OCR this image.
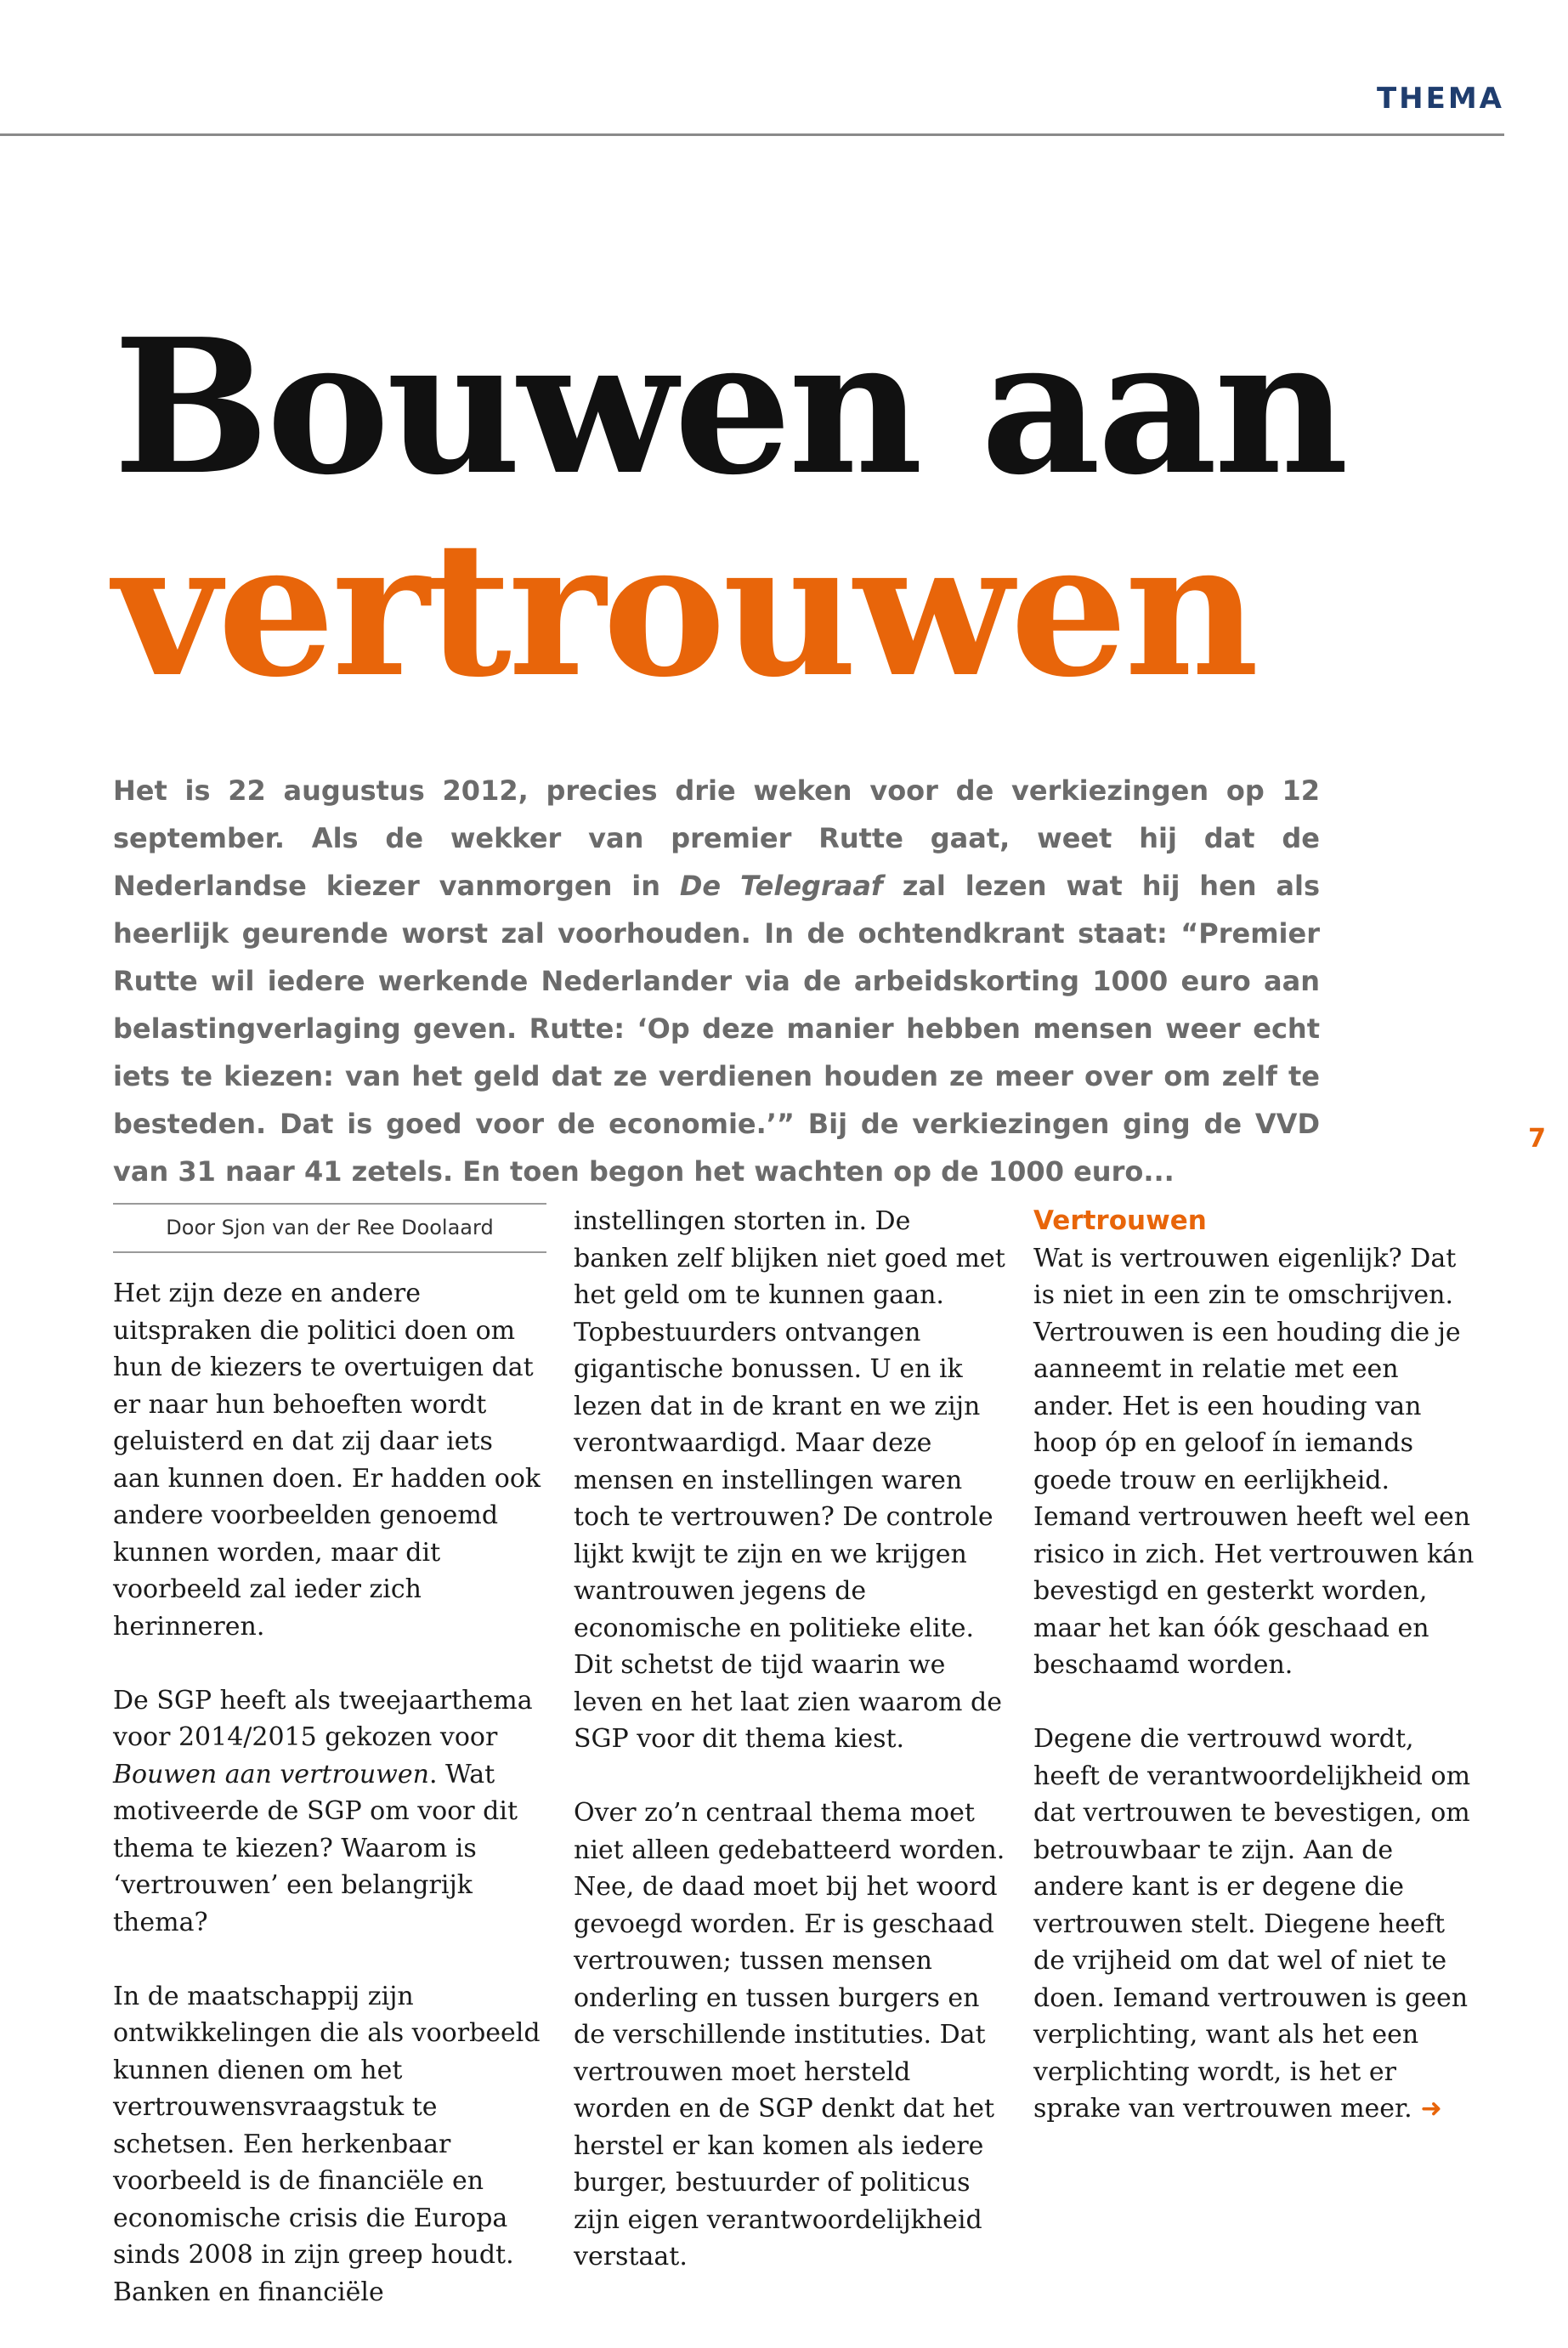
THEMA
Bouwen aan
vertrouwen

Het is 22 augustus 2012, precies drie weken voor de verkiezingen op 12 september. Als de wekker van premier Rutte gaat, weet hij dat de Nederlandse kiezer vanmorgen in De Telegraaf zal lezen wat hij hen als heerlijk geurende worst zal voorhouden. In de ochtendkrant staat: “Premier Rutte wil iedere werkende Nederlander via de arbeidskorting 1000 euro aan belastingverlaging geven. Rutte: ‘Op deze manier hebben mensen weer echt iets te kiezen: van het geld dat ze verdienen houden ze meer over om zelf te besteden. Dat is goed voor de economie.’” Bij de verkiezingen ging de VVD van 31 naar 41 zetels. En toen begon het wachten op de 1000 euro...

7
Door Sjon van der Ree Doolaard

Het zijn deze en andere uitspraken die politici doen om hun de kiezers te overtuigen dat er naar hun behoeften wordt geluisterd en dat zij daar iets aan kunnen doen. Er hadden ook andere voorbeelden genoemd kunnen worden, maar dit voorbeeld zal ieder zich herinneren.

De SGP heeft als tweejaarthema voor 2014/2015 gekozen voor Bouwen aan vertrouwen. Wat motiveerde de SGP om voor dit thema te kiezen? Waarom is ‘vertrouwen’ een belangrijk thema?

In de maatschappij zijn ontwikkelingen die als voorbeeld kunnen dienen om het vertrouwensvraagstuk te schetsen. Een herkenbaar voorbeeld is de financiële en economische crisis die Europa sinds 2008 in zijn greep houdt. Banken en financiële

instellingen storten in. De banken zelf blijken niet goed met het geld om te kunnen gaan. Topbestuurders ontvangen gigantische bonussen. U en ik lezen dat in de krant en we zijn verontwaardigd. Maar deze mensen en instellingen waren toch te vertrouwen? De controle lijkt kwijt te zijn en we krijgen wantrouwen jegens de economische en politieke elite. Dit schetst de tijd waarin we leven en het laat zien waarom de SGP voor dit thema kiest.

Over zo’n centraal thema moet niet alleen gedebatteerd worden. Nee, de daad moet bij het woord gevoegd worden. Er is geschaad vertrouwen; tussen mensen onderling en tussen burgers en de verschillende instituties. Dat vertrouwen moet hersteld worden en de SGP denkt dat het herstel er kan komen als iedere burger, bestuurder of politicus zijn eigen verantwoordelijkheid verstaat.

Vertrouwen

Wat is vertrouwen eigenlijk? Dat is niet in een zin te omschrijven. Vertrouwen is een houding die je aanneemt in relatie met een ander. Het is een houding van hoop óp en geloof ín iemands goede trouw en eerlijkheid. Iemand vertrouwen heeft wel een risico in zich. Het vertrouwen kán bevestigd en gesterkt worden, maar het kan óók geschaad en beschaamd worden.

Degene die vertrouwd wordt, heeft de verantwoordelijkheid om dat vertrouwen te bevestigen, om betrouwbaar te zijn. Aan de andere kant is er degene die vertrouwen stelt. Diegene heeft de vrijheid om dat wel of niet te doen. Iemand vertrouwen is geen verplichting, want als het een verplichting wordt, is het er sprake van vertrouwen meer. ➜
